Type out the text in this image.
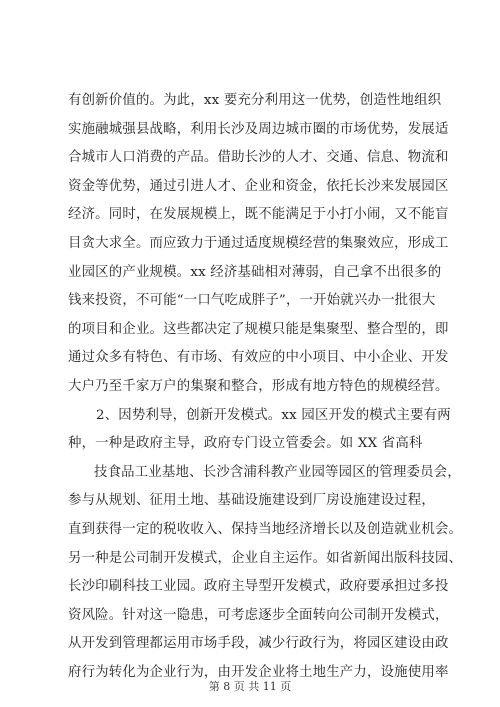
有创新价值的。为此，xx 要充分利用这一优势，创造性地组织
实施融城强县战略，利用长沙及周边城市圈的市场优势，发展适
合城市人口消费的产品。借助长沙的人才、交通、信息、物流和
资金等优势，通过引进人才、企业和资金，依托长沙来发展园区
经济。同时，在发展规模上，既不能满足于小打小闹，又不能盲
目贪大求全。而应致力于通过适度规模经营的集聚效应，形成工
业园区的产业规模。xx 经济基础相对薄弱，自己拿不出很多的
钱来投资，不可能“一口气吃成胖子”，一开始就兴办一批很大
的项目和企业。这些都决定了规模只能是集聚型、整合型的，即
通过众多有特色、有市场、有效应的中小项目、中小企业、开发
大户乃至千家万户的集聚和整合，形成有地方特色的规模经营。
2、因势利导，创新开发模式。xx 园区开发的模式主要有两
种，一种是政府主导，政府专门设立管委会。如 XX 省高科
技食品工业基地、长沙含浦科教产业园等园区的管理委员会，
参与从规划、征用土地、基础设施建设到厂房设施建设过程，
直到获得一定的税收收入、保持当地经济增长以及创造就业机会。
另一种是公司制开发模式，企业自主运作。如省新闻出版科技园、
长沙印刷科技工业园。政府主导型开发模式，政府要承担过多投
资风险。针对这一隐患，可考虑逐步全面转向公司制开发模式，
从开发到管理都运用市场手段，减少行政行为，将园区建设由政
府行为转化为企业行为，由开发企业将土地生产力，设施使用率
第 8 页 共 11 页
